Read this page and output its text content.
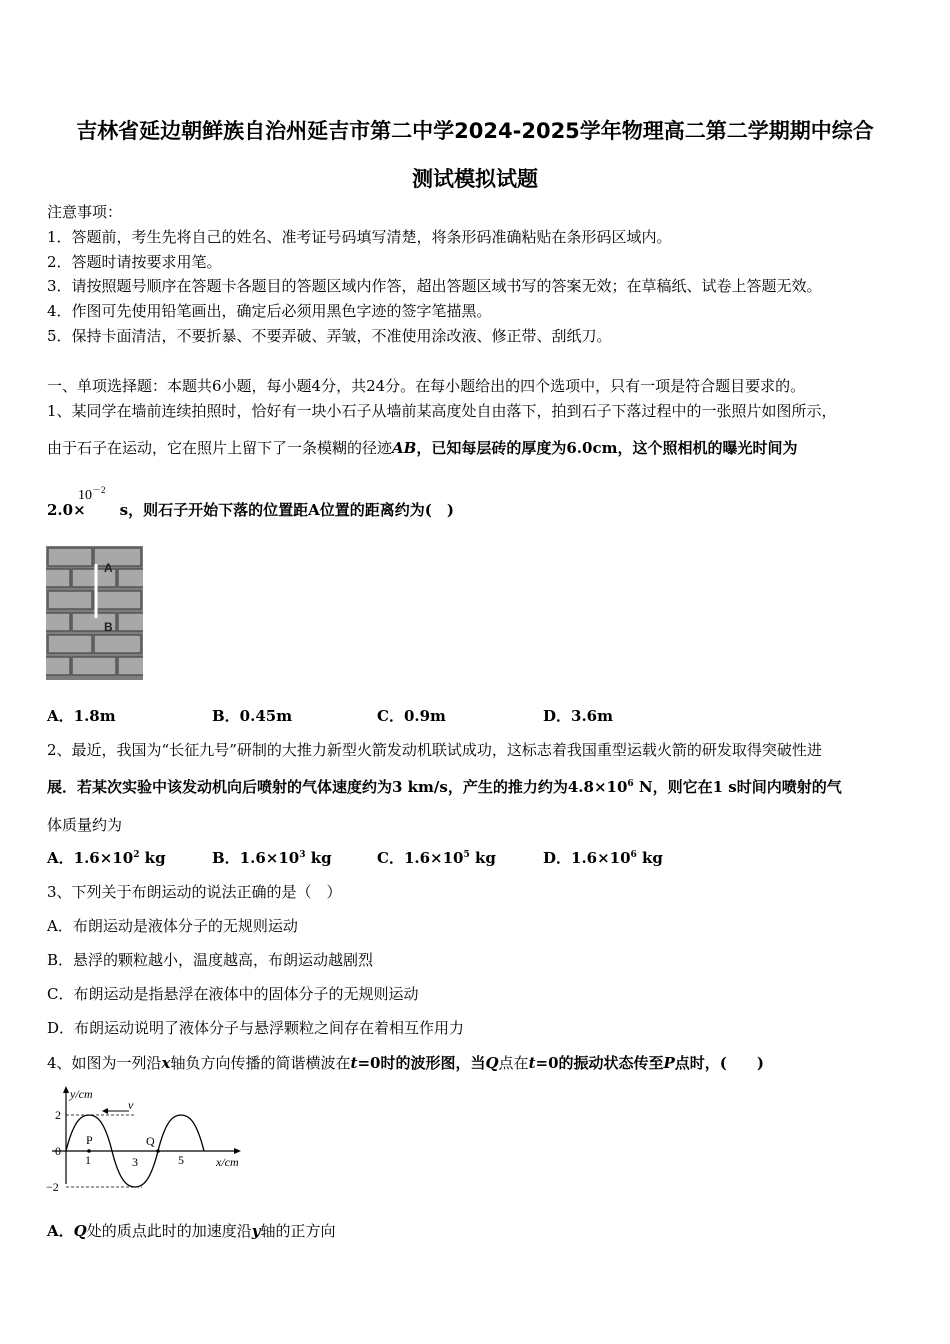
吉林省延边朝鲜族自治州延吉市第二中学2024-2025学年物理高二第二学期期中综合
测试模拟试题
注意事项：
1．答题前，考生先将自己的姓名、准考证号码填写清楚，将条形码准确粘贴在条形码区域内。
2．答题时请按要求用笔。
3．请按照题号顺序在答题卡各题目的答题区域内作答，超出答题区域书写的答案无效；在草稿纸、试卷上答题无效。
4．作图可先使用铅笔画出，确定后必须用黑色字迹的签字笔描黑。
5．保持卡面清洁，不要折暴、不要弄破、弄皱，不准使用涂改液、修正带、刮纸刀。
一、单项选择题：本题共6小题，每小题4分，共24分。在每小题给出的四个选项中，只有一项是符合题目要求的。
1、某同学在墙前连续拍照时，恰好有一块小石子从墙前某高度处自由落下，拍到石子下落过程中的一张照片如图所示，
由于石子在运动，它在照片上留下了一条模糊的径迹AB，已知每层砖的厚度为6.0cm，这个照相机的曝光时间为
2.0× s，则石子开始下落的位置距A位置的距离约为(　)
$10^{-2}$
A
B
A．1.8m	B．0.45m	C．0.9m	D．3.6m
2、最近，我国为“长征九号”研制的大推力新型火箭发动机联试成功，这标志着我国重型运载火箭的研发取得突破性进
展．若某次实验中该发动机向后喷射的气体速度约为3 km/s，产生的推力约为$4.8\times 10^6$ N，则它在1 s时间内喷射的气
体质量约为
A．$1.6\times 10^2$ kg	B．$1.6\times 10^3$ kg	C．$1.6\times 10^5$ kg	D．$1.6\times 10^6$ kg
3、下列关于布朗运动的说法正确的是（　）
A．布朗运动是液体分子的无规则运动
B．悬浮的颗粒越小，温度越高，布朗运动越剧烈
C．布朗运动是指悬浮在液体中的固体分子的无规则运动
D．布朗运动说明了液体分子与悬浮颗粒之间存在着相互作用力
4、如图为一列沿x轴负方向传播的简谐横波在t=0时的波形图，当Q点在t=0的振动状态传至P点时，(　　)
v
y/cm
x/cm
2
0
−2
P
1	3
Q
5
A．Q处的质点此时的加速度沿y轴的正方向
